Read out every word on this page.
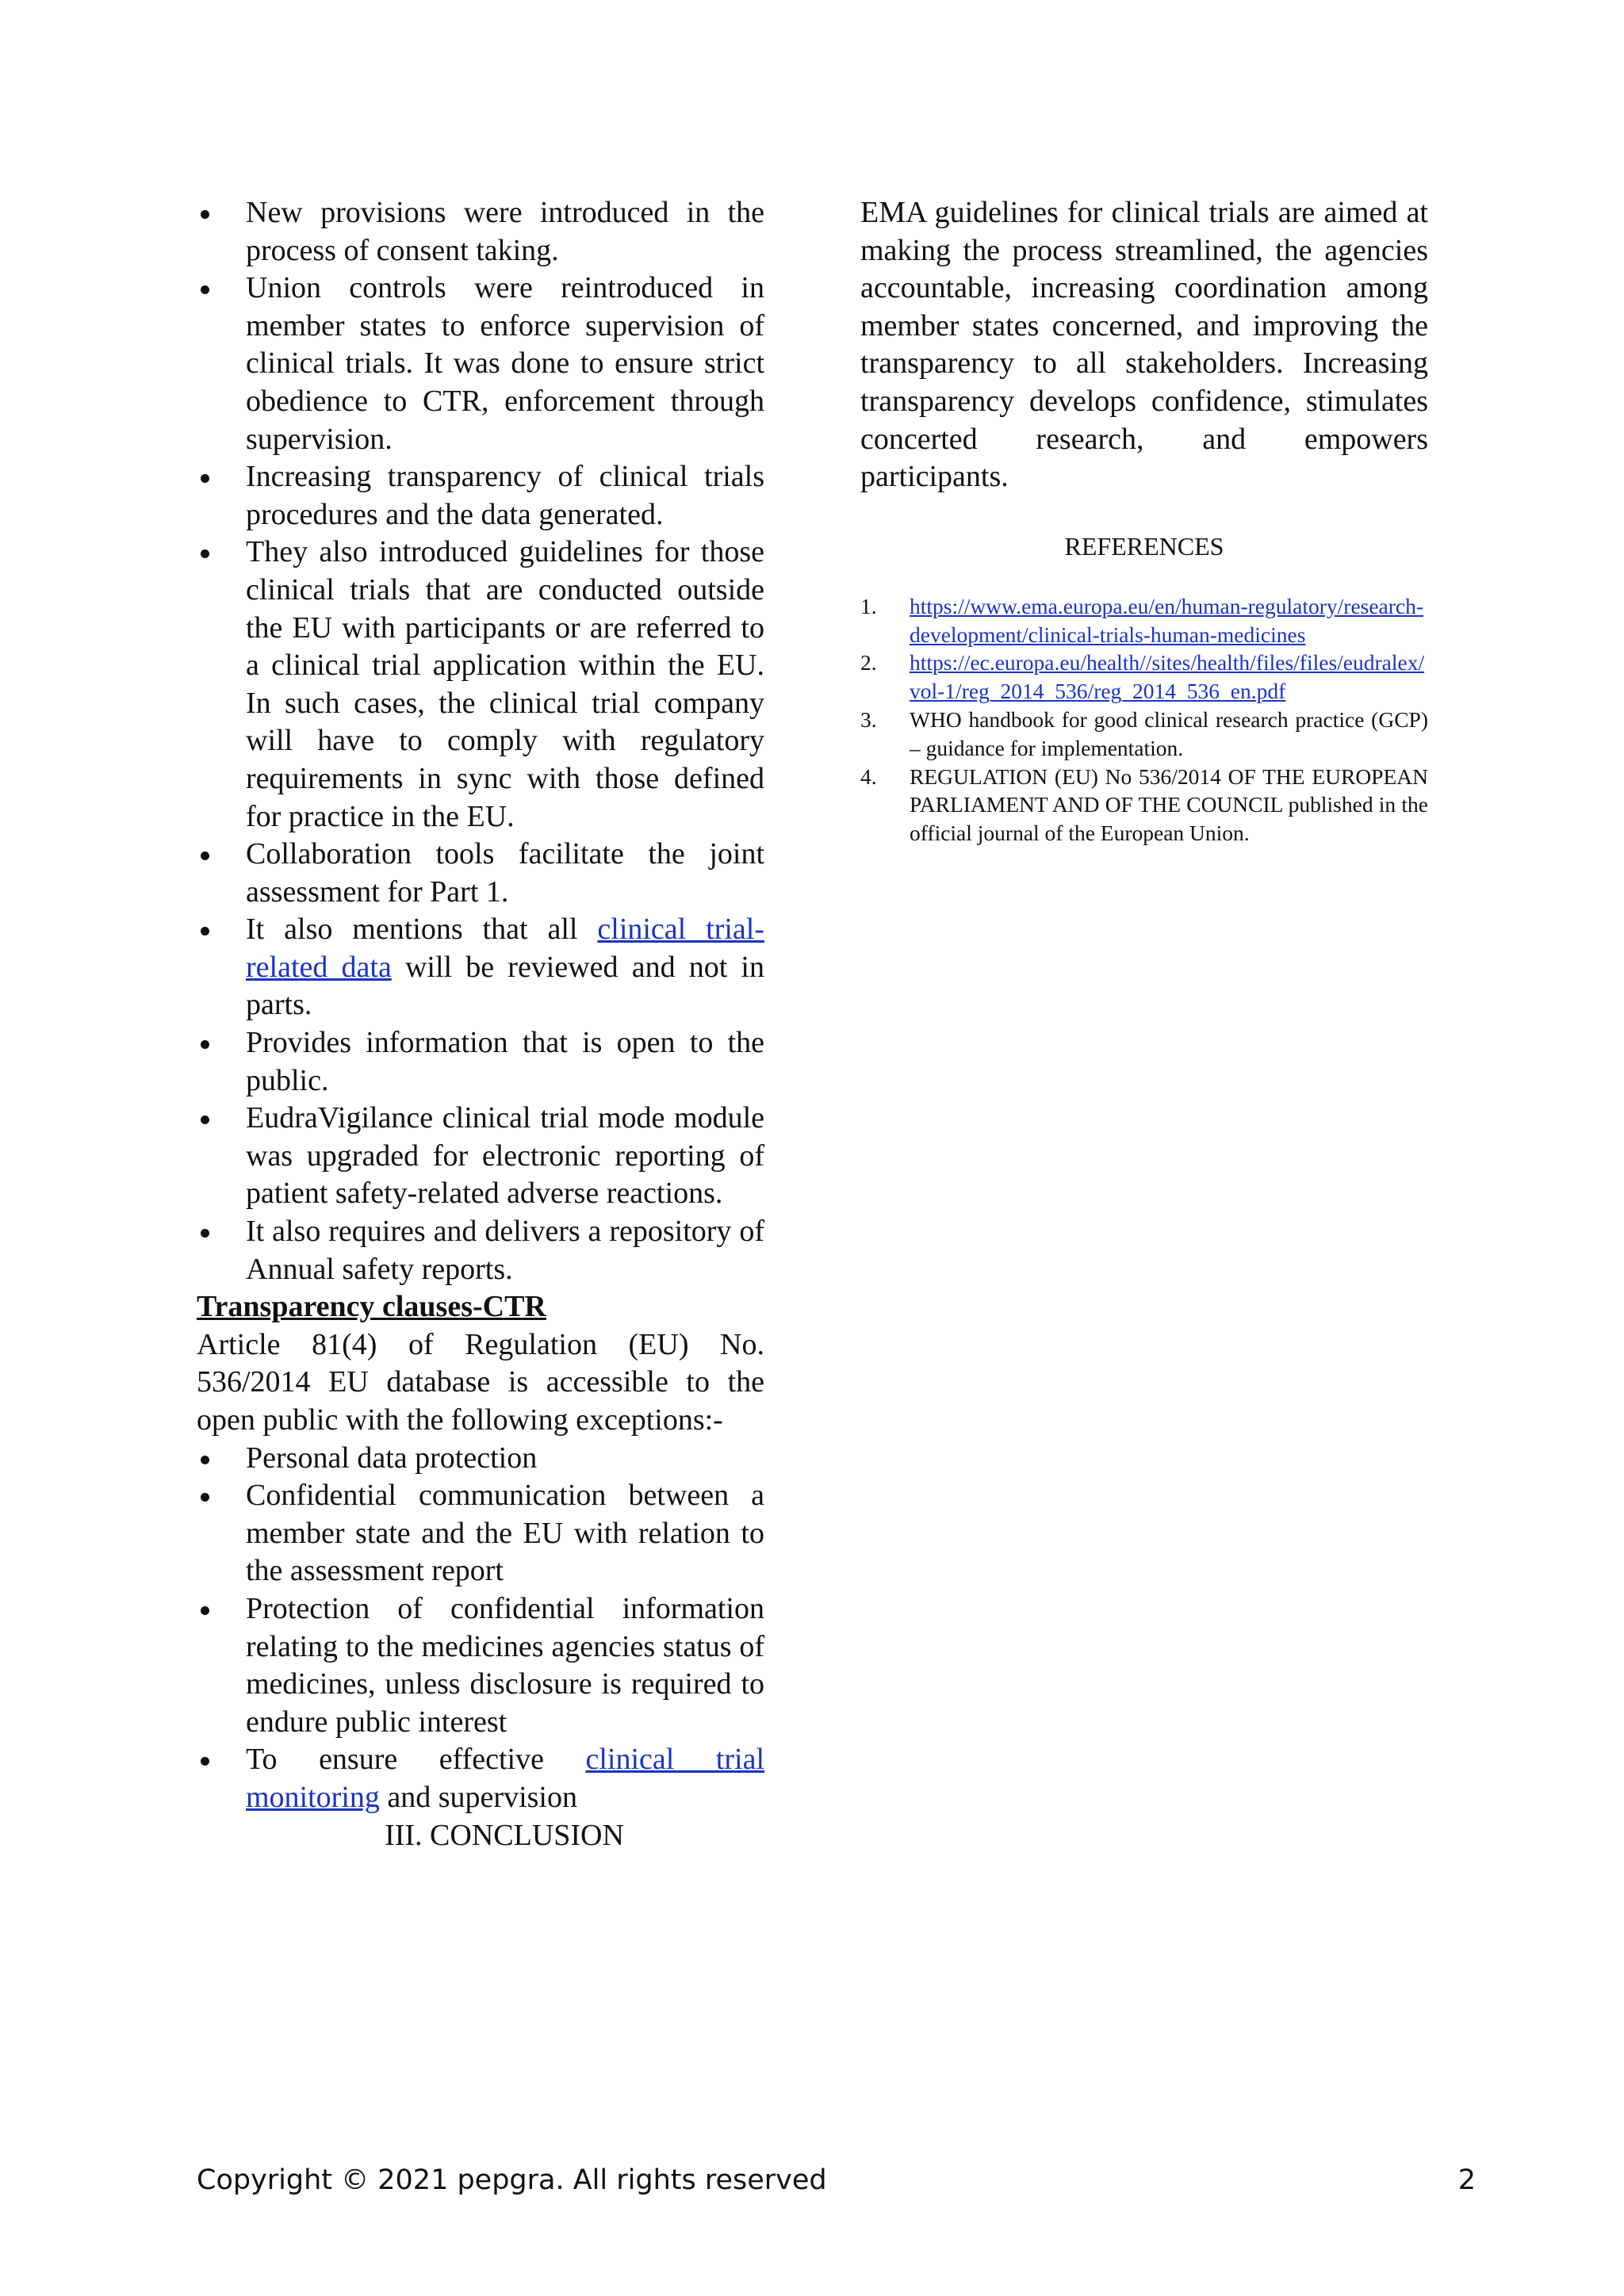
New provisions were introduced in the process of consent taking.
Union controls were reintroduced in member states to enforce supervision of clinical trials. It was done to ensure strict obedience to CTR, enforcement through supervision.
Increasing transparency of clinical trials procedures and the data generated.
They also introduced guidelines for those clinical trials that are conducted outside the EU with participants or are referred to a clinical trial application within the EU. In such cases, the clinical trial company will have to comply with regulatory requirements in sync with those defined for practice in the EU.
Collaboration tools facilitate the joint assessment for Part 1.
It also mentions that all clinical trial-related data will be reviewed and not in parts.
Provides information that is open to the public.
EudraVigilance clinical trial mode module was upgraded for electronic reporting of patient safety-related adverse reactions.
It also requires and delivers a repository of Annual safety reports.
Transparency clauses-CTR
Article 81(4) of Regulation (EU) No. 536/2014 EU database is accessible to the open public with the following exceptions:-
Personal data protection
Confidential communication between a member state and the EU with relation to the assessment report
Protection of confidential information relating to the medicines agencies status of medicines, unless disclosure is required to endure public interest
To ensure effective clinical trial monitoring and supervision
III. CONCLUSION
EMA guidelines for clinical trials are aimed at making the process streamlined, the agencies accountable, increasing coordination among member states concerned, and improving the transparency to all stakeholders. Increasing transparency develops confidence, stimulates concerted research, and empowers participants.
REFERENCES
1. https://www.ema.europa.eu/en/human-regulatory/research-development/clinical-trials-human-medicines
2. https://ec.europa.eu/health//sites/health/files/files/eudralex/vol-1/reg_2014_536/reg_2014_536_en.pdf
3. WHO handbook for good clinical research practice (GCP) – guidance for implementation.
4. REGULATION (EU) No 536/2014 OF THE EUROPEAN PARLIAMENT AND OF THE COUNCIL published in the official journal of the European Union.
Copyright © 2021 pepgra. All rights reserved	2
